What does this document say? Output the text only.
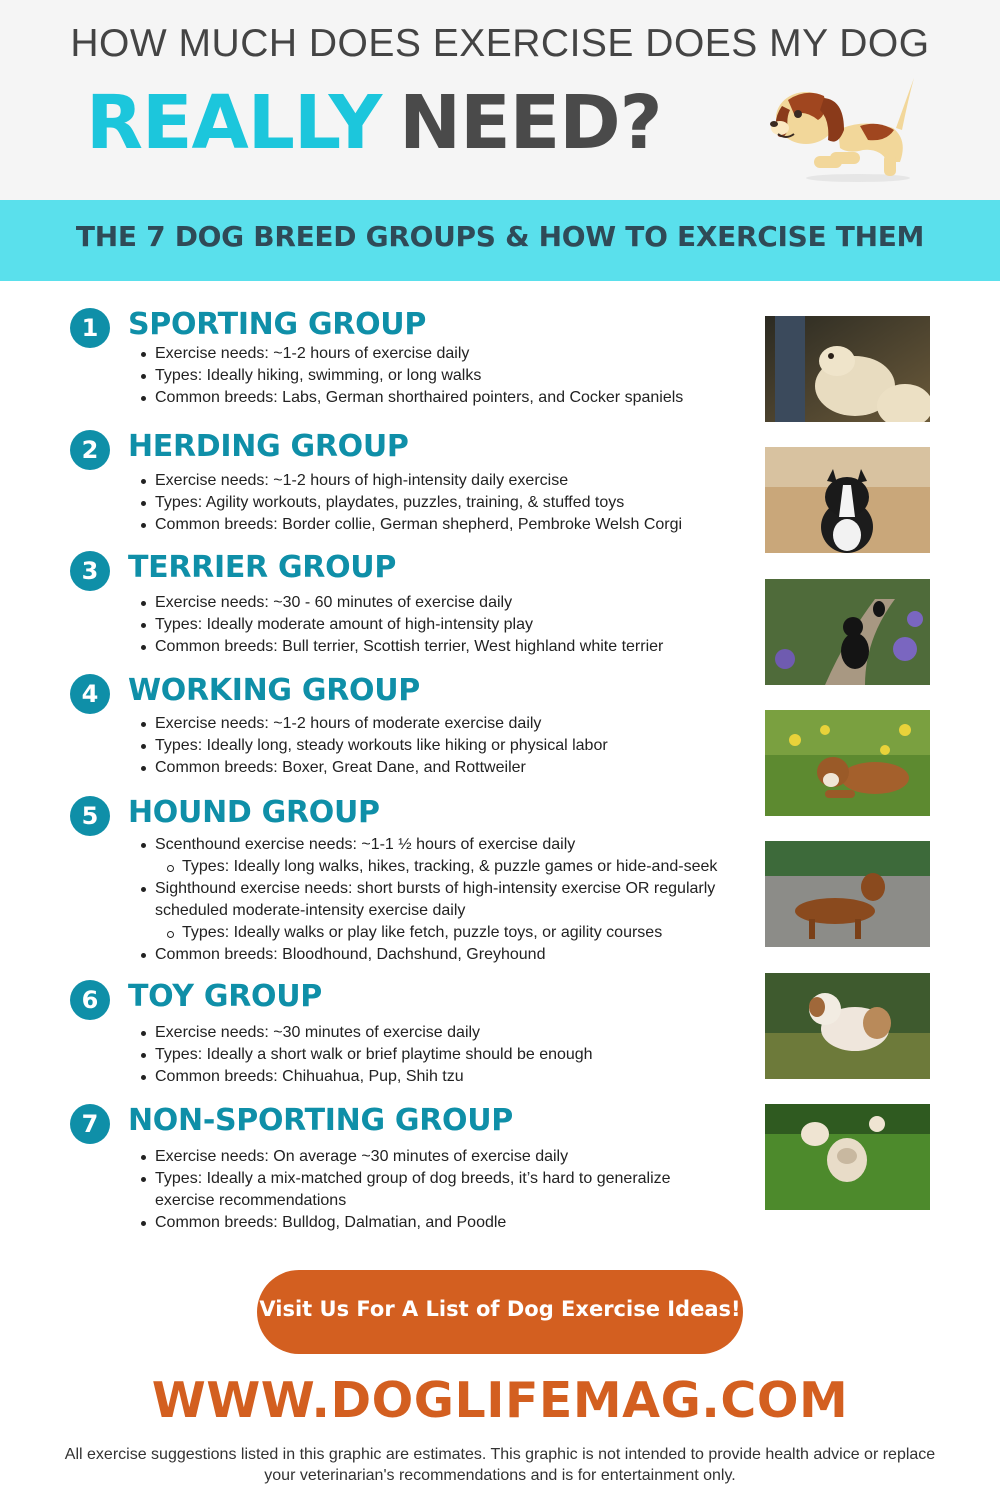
HOW MUCH DOES EXERCISE DOES MY DOG
REALLY NEED?
THE 7 DOG BREED GROUPS & HOW TO EXERCISE THEM
1 SPORTING GROUP
Exercise needs: ~1-2 hours of exercise daily
Types: Ideally hiking, swimming, or long walks
Common breeds: Labs, German shorthaired pointers, and Cocker spaniels
2 HERDING GROUP
Exercise needs: ~1-2 hours of high-intensity daily exercise
Types: Agility workouts, playdates, puzzles, training, & stuffed toys
Common breeds: Border collie, German shepherd, Pembroke Welsh Corgi
3 TERRIER GROUP
Exercise needs: ~30 - 60 minutes of exercise daily
Types: Ideally moderate amount of high-intensity play
Common breeds: Bull terrier, Scottish terrier, West highland white terrier
4 WORKING GROUP
Exercise needs: ~1-2 hours of moderate exercise daily
Types: Ideally long, steady workouts like hiking or physical labor
Common breeds: Boxer, Great Dane, and Rottweiler
5 HOUND GROUP
Scenthound exercise needs: ~1-1 ½ hours of exercise daily
Types: Ideally long walks, hikes, tracking, & puzzle games or hide-and-seek
Sighthound exercise needs: short bursts of high-intensity exercise OR regularly scheduled moderate-intensity exercise daily
Types: Ideally walks or play like fetch, puzzle toys, or agility courses
Common breeds: Bloodhound, Dachshund, Greyhound
6 TOY GROUP
Exercise needs: ~30 minutes of exercise daily
Types: Ideally a short walk or brief playtime should be enough
Common breeds: Chihuahua, Pup, Shih tzu
7 NON-SPORTING GROUP
Exercise needs: On average ~30 minutes of exercise daily
Types: Ideally a mix-matched group of dog breeds, it’s hard to generalize exercise recommendations
Common breeds: Bulldog, Dalmatian, and Poodle
Visit Us For A List of Dog Exercise Ideas!
WWW.DOGLIFEMAG.COM
All exercise suggestions listed in this graphic are estimates. This graphic is not intended to provide health advice or replace
your veterinarian's recommendations and is for entertainment only.
